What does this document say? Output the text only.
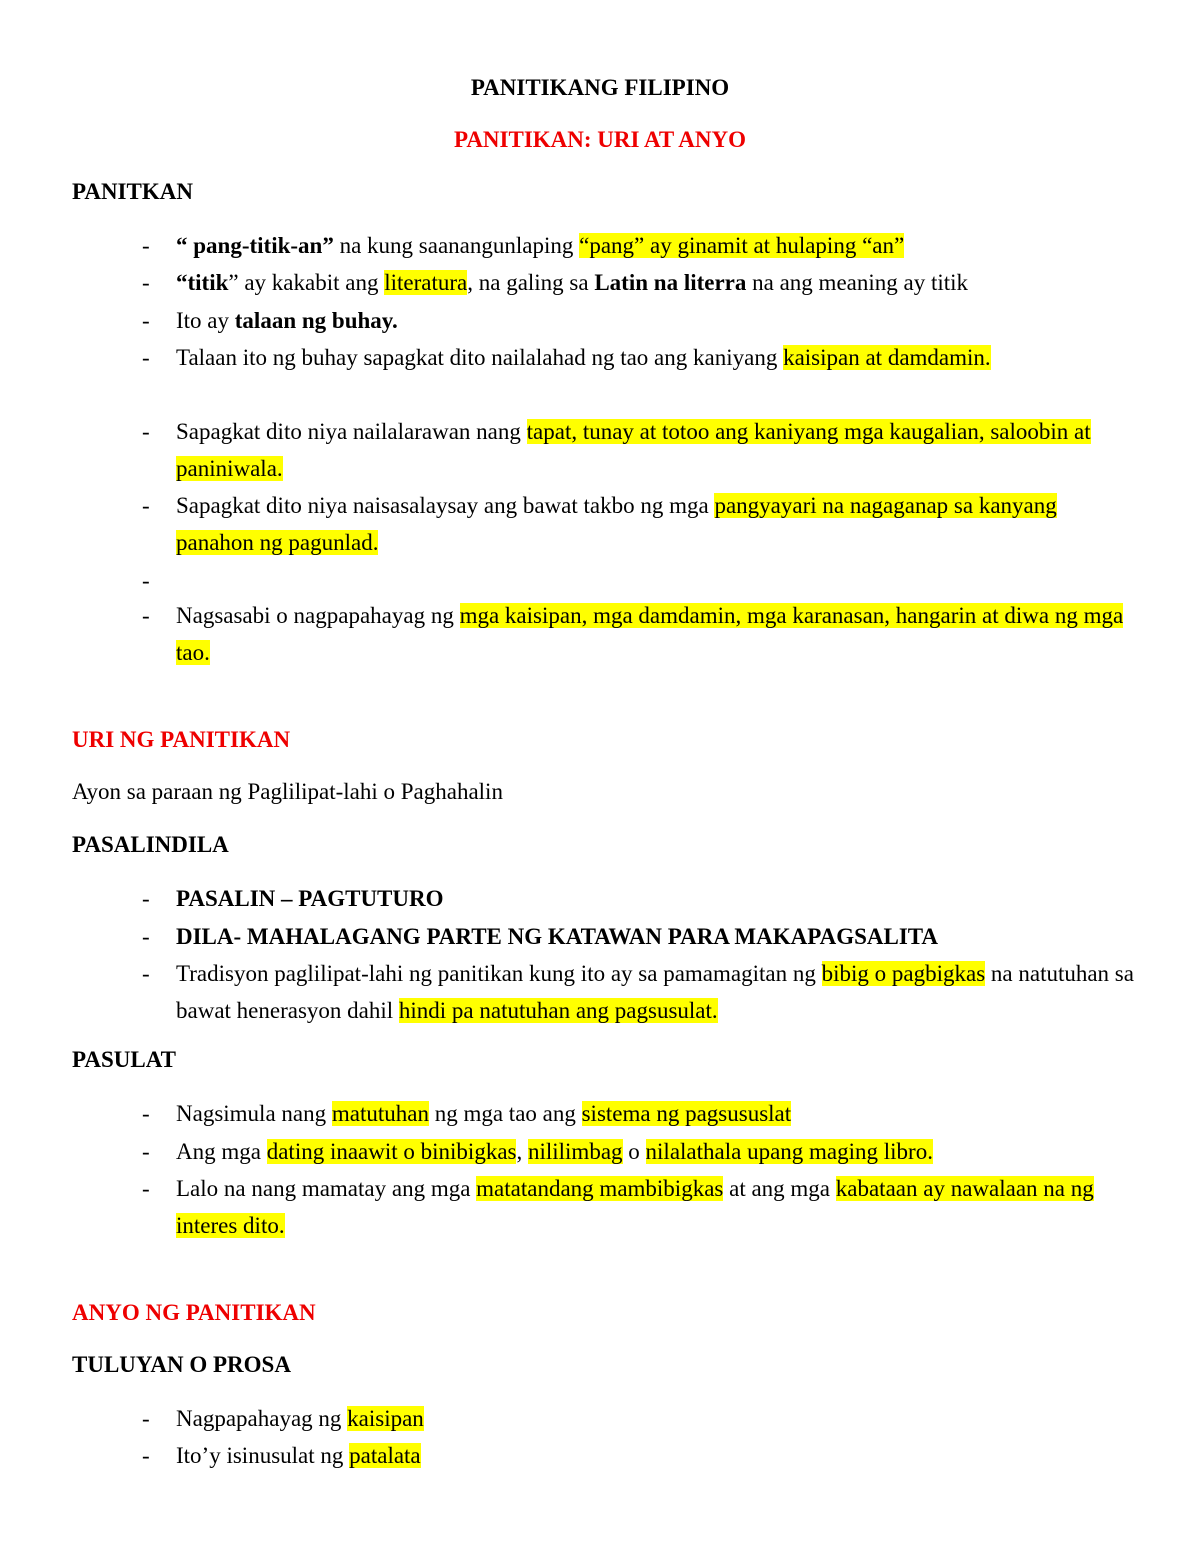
PANITIKANG FILIPINO
PANITIKAN: URI AT ANYO
PANITKAN
- “ pang-titik-an” na kung saanangunlaping “pang” ay ginamit at hulaping “an”
- “titik” ay kakabit ang literatura, na galing sa Latin na literra na ang meaning ay titik
- Ito ay talaan ng buhay.
- Talaan ito ng buhay sapagkat dito nailalahad ng tao ang kaniyang kaisipan at damdamin.
- Sapagkat dito niya nailalarawan nang tapat, tunay at totoo ang kaniyang mga kaugalian, saloobin at paniniwala.
- Sapagkat dito niya naisasalaysay ang bawat takbo ng mga pangyayari na nagaganap sa kanyang panahon ng pagunlad.
-
- Nagsasabi o nagpapahayag ng mga kaisipan, mga damdamin, mga karanasan, hangarin at diwa ng mga tao.
URI NG PANITIKAN
Ayon sa paraan ng Paglilipat-lahi o Paghahalin
PASALINDILA
- PASALIN – PAGTUTURO
- DILA- MAHALAGANG PARTE NG KATAWAN PARA MAKAPAGSALITA
- Tradisyon paglilipat-lahi ng panitikan kung ito ay sa pamamagitan ng bibig o pagbigkas na natutuhan sa bawat henerasyon dahil hindi pa natutuhan ang pagsusulat.
PASULAT
- Nagsimula nang matutuhan ng mga tao ang sistema ng pagsususlat
- Ang mga dating inaawit o binibigkas, nililimbag o nilalathala upang maging libro.
- Lalo na nang mamatay ang mga matatandang mambibigkas at ang mga kabataan ay nawalaan na ng interes dito.
ANYO NG PANITIKAN
TULUYAN O PROSA
- Nagpapahayag ng kaisipan
- Ito’y isinusulat ng patalata
